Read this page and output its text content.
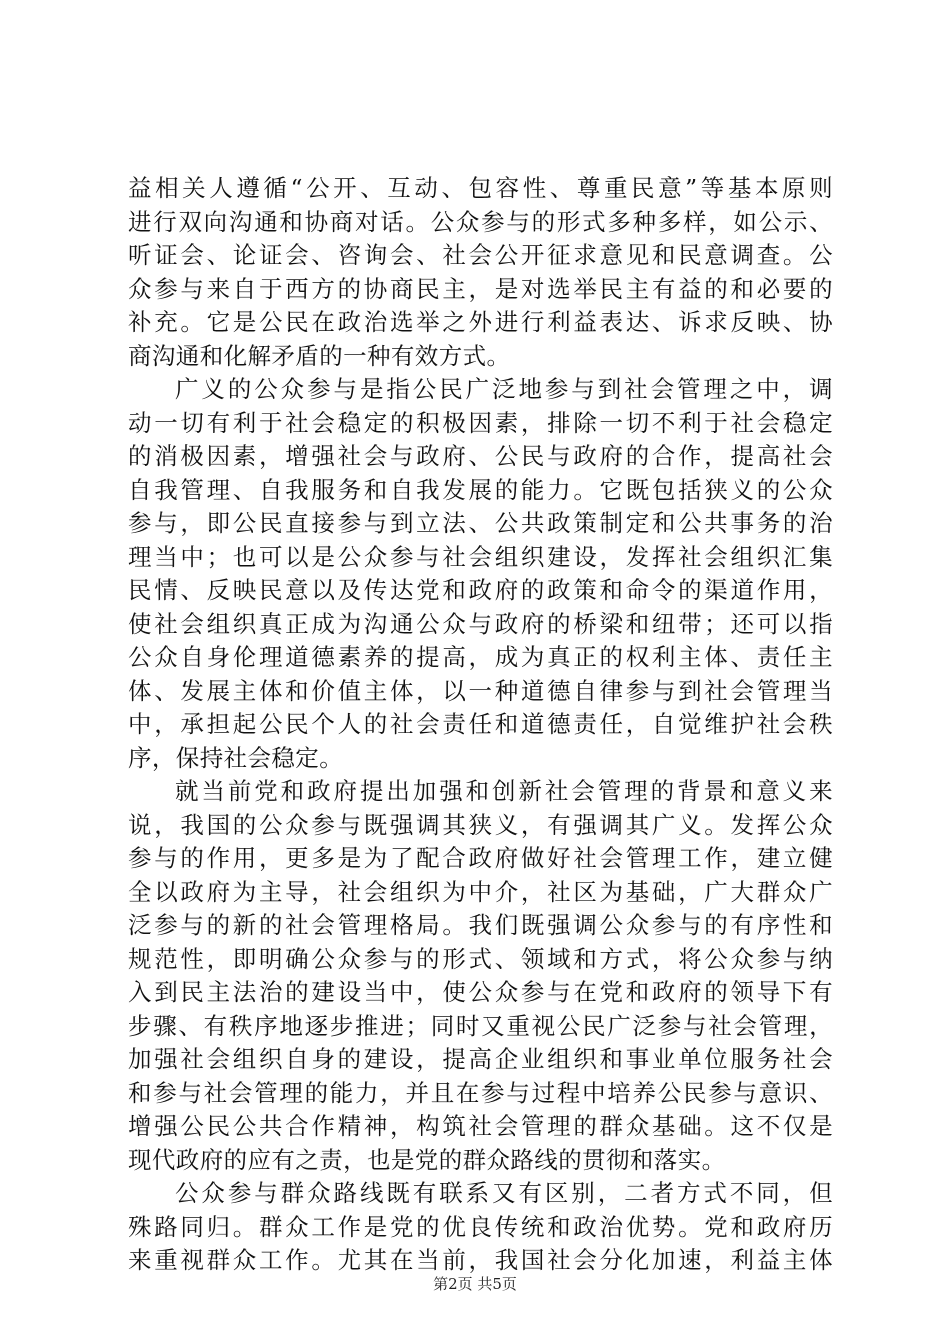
益相关人遵循“公开、互动、包容性、尊重民意”等基本原则
进行双向沟通和协商对话。公众参与的形式多种多样，如公示、
听证会、论证会、咨询会、社会公开征求意见和民意调查。公
众参与来自于西方的协商民主，是对选举民主有益的和必要的
补充。它是公民在政治选举之外进行利益表达、诉求反映、协
商沟通和化解矛盾的一种有效方式。
广义的公众参与是指公民广泛地参与到社会管理之中，调
动一切有利于社会稳定的积极因素，排除一切不利于社会稳定
的消极因素，增强社会与政府、公民与政府的合作，提高社会
自我管理、自我服务和自我发展的能力。它既包括狭义的公众
参与，即公民直接参与到立法、公共政策制定和公共事务的治
理当中；也可以是公众参与社会组织建设，发挥社会组织汇集
民情、反映民意以及传达党和政府的政策和命令的渠道作用，
使社会组织真正成为沟通公众与政府的桥梁和纽带；还可以指
公众自身伦理道德素养的提高，成为真正的权利主体、责任主
体、发展主体和价值主体，以一种道德自律参与到社会管理当
中，承担起公民个人的社会责任和道德责任，自觉维护社会秩
序，保持社会稳定。
就当前党和政府提出加强和创新社会管理的背景和意义来
说，我国的公众参与既强调其狭义，有强调其广义。发挥公众
参与的作用，更多是为了配合政府做好社会管理工作，建立健
全以政府为主导，社会组织为中介，社区为基础，广大群众广
泛参与的新的社会管理格局。我们既强调公众参与的有序性和
规范性，即明确公众参与的形式、领域和方式，将公众参与纳
入到民主法治的建设当中，使公众参与在党和政府的领导下有
步骤、有秩序地逐步推进；同时又重视公民广泛参与社会管理，
加强社会组织自身的建设，提高企业组织和事业单位服务社会
和参与社会管理的能力，并且在参与过程中培养公民参与意识、
增强公民公共合作精神，构筑社会管理的群众基础。这不仅是
现代政府的应有之责，也是党的群众路线的贯彻和落实。
公众参与群众路线既有联系又有区别，二者方式不同，但
殊路同归。群众工作是党的优良传统和政治优势。党和政府历
来重视群众工作。尤其在当前，我国社会分化加速，利益主体
第2页 共5页
